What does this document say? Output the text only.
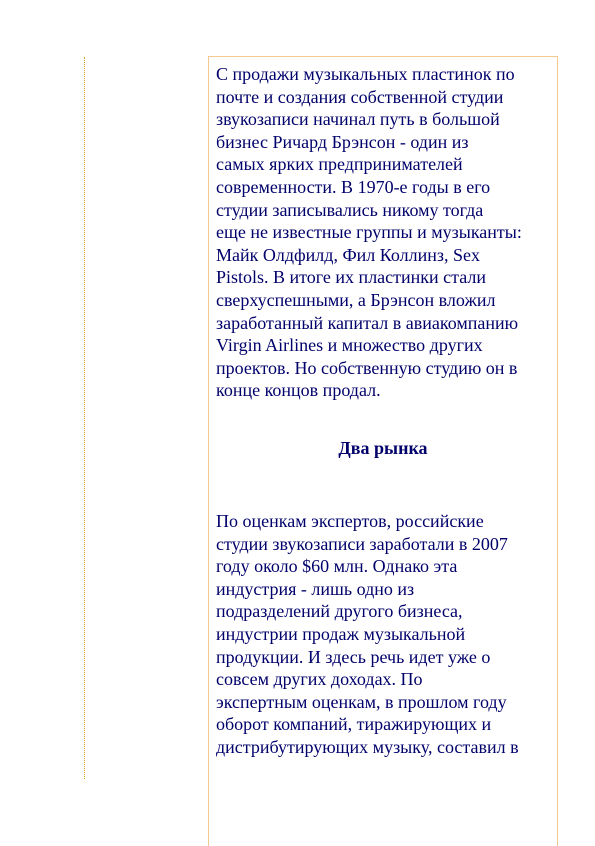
С продажи музыкальных пластинок по
почте и создания собственной студии
звукозаписи начинал путь в большой
бизнес Ричард Брэнсон - один из
самых ярких предпринимателей
современности. В 1970-е годы в его
студии записывались никому тогда
еще не известные группы и музыканты:
Майк Олдфилд, Фил Коллинз, Sex
Pistols. В итоге их пластинки стали
сверхуспешными, а Брэнсон вложил
заработанный капитал в авиакомпанию
Virgin Airlines и множество других
проектов. Но собственную студию он в
конце концов продал.

Два рынка

По оценкам экспертов, российские
студии звукозаписи заработали в 2007
году около $60 млн. Однако эта
индустрия - лишь одно из
подразделений другого бизнеса,
индустрии продаж музыкальной
продукции. И здесь речь идет уже о
совсем других доходах. По
экспертным оценкам, в прошлом году
оборот компаний, тиражирующих и
дистрибутирующих музыку, составил в
